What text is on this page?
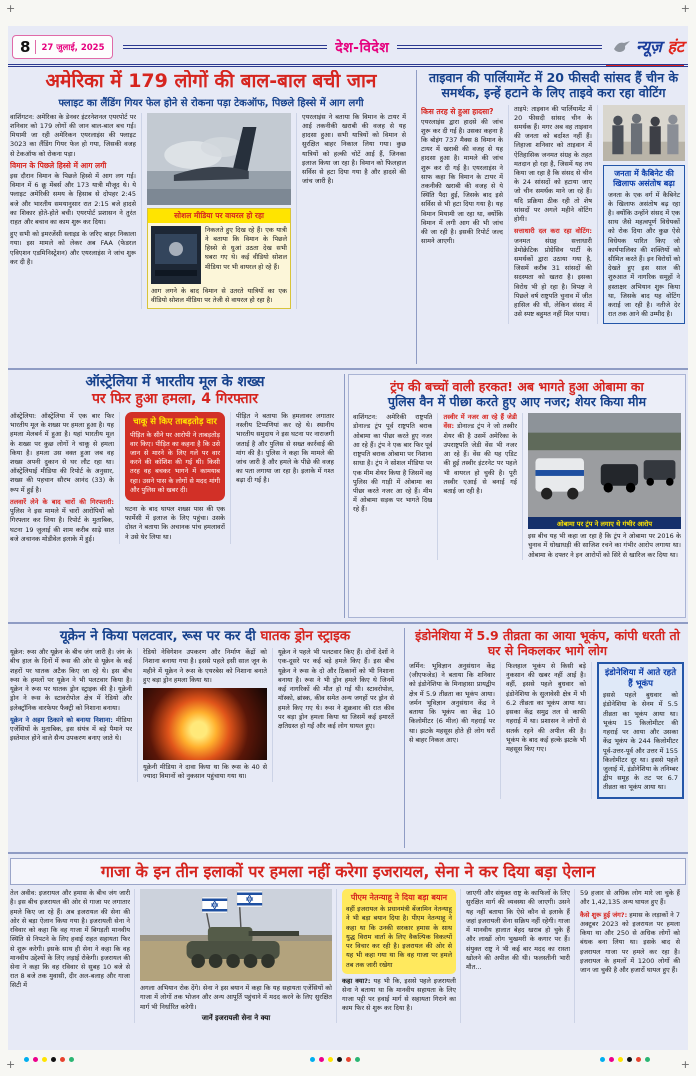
+	+
+	+
8 27 जुलाई, 2025	देश-विदेश	न्यूज़ हंट
अमेरिका में 179 लोगों की बाल-बाल बची जान
फ्लाइट का लैंडिंग गियर फेल होने से रोकना पड़ा टेकऑफ, पिछले हिस्से में आग लगी

वाशिंगटन: अमेरिका के डेनवर इंटरनेशनल एयरपोर्ट पर शनिवार को 179 लोगों की जान बाल-बाल बच गई। मियामी जा रही अमेरिकन एयरलाइंस की फ्लाइट 3023 का लैंडिंग गियर फेल हो गया, जिसकी वजह से टेकऑफ को रोकना पड़ा।

विमान के पिछले हिस्से में आग लगी

इस दौरान विमान के पिछले हिस्से में आग लग गई। विमान में 6 क्रू मेंबर्स और 173 यात्री मौजूद थे। ये फ्लाइट अमेरिकी समय के हिसाब से दोपहर 2:45 बजे और भारतीय समयानुसार रात 2:15 बजे हादसे का शिकार होते-होते बची। एयरपोर्ट प्रशासन ने तुरंत राहत और बचाव का काम शुरू कर दिया।

हुए सभी को इमरजेंसी स्लाइड के जरिए बाहर निकाला गया। इस मामले को लेकर अब FAA (फेडरल एविएशन एडमिनिस्ट्रेशन) और एयरलाइंस ने जांच शुरू कर दी है।

सोशल मीडिया पर वायरल हो रहा

निकलते हुए दिख रहे हैं। एक यात्री ने बताया कि विमान के पिछले हिस्से से धुआं उठता देख सभी घबरा गए थे। कई वीडियो सोशल मीडिया पर भी वायरल हो रहे हैं।

आग लगने के बाद विमान से उतरते यात्रियों का एक वीडियो सोशल मीडिया पर तेजी से वायरल हो रहा है।

एयरलाइंस ने बताया कि विमान के टायर में आई तकनीकी खराबी की वजह से यह हादसा हुआ। सभी यात्रियों को विमान से सुरक्षित बाहर निकाल लिया गया। कुछ यात्रियों को हल्की चोटें आई हैं, जिनका इलाज किया जा रहा है। विमान को फिलहाल सर्विस से हटा दिया गया है और हादसे की जांच जारी है।

ताइवान की पार्लियामेंट में 20 फीसदी सांसद हैं चीन के समर्थक, इन्हें हटाने के लिए ताइवे करा रहा वोटिंग
किस तरह से हुआ हादसा?

एयरलाइंस द्वारा हादसे की जांच शुरू कर दी गई है। उसका कहना है कि बोइंग 737 मैक्स 8 विमान के टायर में खराबी की वजह से यह हादसा हुआ है। मामले की जांच शुरू कर दी गई है। एयरलाइंस ने साफ कहा कि विमान के टायर में तकनीकी खराबी की वजह से ये स्थिति पैदा हुई, जिसके बाद इसे सर्विस से भी हटा दिया गया है। यह विमान मियामी जा रहा था, क्योंकि विमान में लगी आग की भी जांच की जा रही है। इसकी रिपोर्ट जल्द सामने आएगी।

ताइपे: ताइवान की पार्लियामेंट में 20 फीसदी सांसद चीन के समर्थक हैं। मगर अब वह ताइवान की जनता को बर्दाश्त नहीं हैं। लिहाजा शनिवार को ताइवान में ऐतिहासिक जनमत संग्रह के तहत मतदान हो रहा है, जिसमें यह तय किया जा रहा है कि संसद से चीन के 24 सांसदों को हटाया जाए जो चीन समर्थक माने जा रहे हैं। यदि प्रक्रिया ठीक रही तो शेष सांसदों पर अगले महीने वोटिंग होगी।

सत्ताधारी दल करा रहा वोटिंग: जनमत संग्रह सत्ताधारी डेमोक्रेटिक प्रोग्रेसिव पार्टी के समर्थकों द्वारा उठाया गया है, जिसमें करीब 31 सांसदों की सदस्यता को खतरा है। इसका विरोध भी हो रहा है। विपक्ष ने पिछले वर्ष राष्ट्रपति चुनाव में जीत हासिल की थी, लेकिन संसद में उसे स्पष्ट बहुमत नहीं मिल पाया।

जनता में कैबिनेट की खिलाफ असंतोष बढ़ा

जनता के एक वर्ग में कैबिनेट के खिलाफ असंतोष बढ़ रहा है। क्योंकि उन्होंने संसद में एक साथ जैसे महत्वपूर्ण विधेयकों को रोक दिया और कुछ ऐसे विधेयक पारित किए जो कार्यपालिका की शक्तियों को सीमित करते हैं। इन विरोधों को देखते हुए इस साल की शुरुआत में नागरिक समूहों ने हस्ताक्षर अभियान शुरू किया था, जिसके बाद यह वोटिंग कराई जा रही है। नतीजे देर रात तक आने की उम्मीद है।

ऑस्ट्रेलिया में भारतीय मूल के शख्स
पर फिर हुआ हमला, 4 गिरफ्तार

ऑस्ट्रेलिया: ऑस्ट्रेलिया में एक बार फिर भारतीय मूल के शख्स पर हमला हुआ है। यह हमला मेलबर्न में हुआ है। यहां भारतीय मूल के शख्स पर कुछ लोगों ने चाकू से हमला किया है। हमला उस वक्त हुआ जब वह शख्स अपनी दुकान से घर लौट रहा था। ऑस्ट्रेलियाई मीडिया की रिपोर्ट के अनुसार, शख्स की पहचान सौरभ आनंद (33) के रूप में हुई है।

तलवारें लेने के बाद चारों की गिरफ्तारी: पुलिस ने इस मामले में चारों आरोपियों को गिरफ्तार कर लिया है। रिपोर्ट के मुताबिक, घटना 19 जुलाई की शाम करीब साढ़े सात बजे अचानक मोडीवेल इलाके में हुई।

चाकू से किए ताबड़तोड़ वार

पीड़ित के सीने पर आरोपी ने ताबड़तोड़ वार किए। पीड़ित का कहना है कि उसे जान से मारने के लिए गले पर वार करने की कोशिश की गई थी। किसी तरह वह बचकर भागने में कामयाब रहा। उसने पास के लोगों से मदद मांगी और पुलिस को खबर दी।

घटना के बाद घायल शख्स पास की एक फार्मेसी में इलाज के लिए पहुंचा। उसके दोस्त ने बताया कि अचानक पांच हमलावरों ने उसे घेर लिया था।

पीड़ित ने बताया कि हमलावर लगातार नस्लीय टिप्पणियां कर रहे थे। स्थानीय भारतीय समुदाय ने इस घटना पर नाराजगी जताई है और पुलिस से सख्त कार्रवाई की मांग की है। पुलिस ने कहा कि मामले की जांच जारी है और हमले के पीछे की वजह का पता लगाया जा रहा है। इलाके में गश्त बढ़ा दी गई है।

ट्रंप की बच्चों वाली हरकत! अब भागते हुआ ओबामा का
पुलिस वैन में पीछा करते हुए आए नजर; शेयर किया मीम

वाशिंगटन: अमेरिकी राष्ट्रपति डोनाल्ड ट्रंप पूर्व राष्ट्रपति बराक ओबामा का पीछा करते हुए नजर आ रहे हैं। ट्रंप ने एक बार फिर पूर्व राष्ट्रपति बराक ओबामा पर निशाना साधा है। ट्रंप ने सोशल मीडिया पर एक मीम शेयर किया है जिसमें वह पुलिस की गाड़ी में ओबामा का पीछा करते नजर आ रहे हैं। मीम में ओबामा सड़क पर भागते दिख रहे हैं।

तस्वीर में नजर आ रहे हैं जेडी वेंस: डोनाल्ड ट्रंप ने जो तस्वीर शेयर की है उसमें अमेरिका के उपराष्ट्रपति जेडी वेंस भी नजर आ रहे हैं। वेंस की यह एडिट की हुई तस्वीर इंटरनेट पर पहले भी वायरल हो चुकी है। पूरी तस्वीर एआई से बनाई गई बताई जा रही है।

ओबामा पर ट्रंप ने लगाए थे गंभीर आरोप

इस बीच यह भी कहा जा रहा है कि ट्रंप ने ओबामा पर 2016 के चुनाव में धोखाधड़ी की साजिश रचने का गंभीर आरोप लगाया था। ओबामा के दफ्तर ने इन आरोपों को सिरे से खारिज कर दिया था।

यूक्रेन ने किया पलटवार, रूस पर कर दी घातक ड्रोन स्ट्राइक

यूक्रेन: रूस और यूक्रेन के बीच जंग जारी है। जंग के बीच हाल के दिनों में रूस की ओर से यूक्रेन के कई शहरों पर घातक अटैक किए जा रहे थे। इस बीच रूस के हमलों पर यूक्रेन ने भी पलटवार किया है। यूक्रेन ने रूस पर घातक ड्रोन स्ट्राइक की है। यूक्रेनी ड्रोन ने रूस के स्टावरोपोल क्षेत्र में रेडियो और इलेक्ट्रॉनिक वारफेयर फैक्ट्री को निशाना बनाया।

यूक्रेन ने अहम ठिकाने को बनाया निशाना: मीडिया एजेंसियों के मुताबिक, इस संयंत्र में बड़े पैमाने पर इस्तेमाल होने वाले सैन्य उपकरण बनाए जाते थे।

रेडियो नेविगेशन उपकरण और निर्माण केंद्रों को निशाना बनाया गया है। इससे पहले इसी साल जून के महीने में यूक्रेन ने रूस के एयरबेस को निशाना बनाते हुए बड़ा ड्रोन हमला किया था।

यूक्रेनी मीडिया ने दावा किया था कि रूस के 40 से ज्यादा विमानों को नुकसान पहुंचाया गया था।

यूक्रेन ने पहले भी पलटवार किए हैं। दोनों देशों ने एक-दूसरे पर कई बड़े हमले किए हैं। इस बीच यूक्रेन ने रूस के दो और ठिकानों को भी निशाना बनाया है। रूस ने भी ड्रोन हमले किए थे जिनमें कई नागरिकों की मौत हो गई थी। स्टावरोपोल, मॉस्को, ब्रांस्क, कीव समेत अन्य जगहों पर ड्रोन से हमले किए गए थे। रूस ने शुक्रवार की रात कीव पर बड़ा ड्रोन हमला किया था जिसमें कई इमारतें क्षतिग्रस्त हो गईं और कई लोग घायल हुए।

इंडोनेशिया में 5.9 तीव्रता का आया भूकंप, कांपी धरती तो घर से निकलकर भागे लोग

जर्मिन: भूविज्ञान अनुसंधान केंद्र (जीएफजेड) ने बताया कि शनिवार को इंडोनेशिया के मिनाहासा प्रायद्वीप क्षेत्र में 5.9 तीव्रता का भूकंप आया। जर्मन भूविज्ञान अनुसंधान केंद्र ने बताया कि भूकंप का केंद्र 10 किलोमीटर (6 मील) की गहराई पर था। झटके महसूस होते ही लोग घरों से बाहर निकल आए।

फिलहाल भूकंप से किसी बड़े नुकसान की खबर नहीं आई है। वहीं, इससे पहले बुधवार को इंडोनेशिया के सुलावेसी क्षेत्र में भी 6.2 तीव्रता का भूकंप आया था। इसका केंद्र समुद्र तल से काफी गहराई में था। प्रशासन ने लोगों से सतर्क रहने की अपील की है। भूकंप के बाद कई हल्के झटके भी महसूस किए गए।

इंडोनेशिया में आते रहते हैं भूकंप

इससे पहले बुधवार को इंडोनेशिया के सेनम में 5.5 तीव्रता का भूकंप आया था। भूकंप 15 किलोमीटर की गहराई पर आया और उसका केंद्र भूकंप के 244 किलोमीटर पूर्व-उत्तर-पूर्व और उत्तर में 155 किलोमीटर दूर था। इससे पहले जुलाई में, इंडोनेशिया के तनिम्बर द्वीप समूह के तट पर 6.7 तीव्रता का भूकंप आया था।

गाजा के इन तीन इलाकों पर हमला नहीं करेगा इजरायल, सेना ने कर दिया बड़ा ऐलान

तेल अवीव: इजरायल और हमास के बीच जंग जारी है। इस बीच इजरायल की ओर से गाजा पर लगातार हमले किए जा रहे हैं। अब इजरायल की सेना की ओर से बड़ा ऐलान किया गया है। इजरायली सेना ने रविवार को कहा कि वह गाजा में बिगड़ती मानवीय स्थिति से निपटने के लिए हवाई राहत सहायता फिर से शुरू करेगी। इसके साथ ही सेना ने कहा कि वह मानवीय उद्देश्यों के लिए लड़ाई रोकेगी। इजरायल की सेना ने कहा कि वह रविवार से सुबह 10 बजे से रात 8 बजे तक मुवासी, दीर अल-बलाह और गाजा सिटी में	अगला अभियान रोक देंगे। सेना ने इस बयान में कहा कि यह सहायता एजेंसियों को गाजा में लोगों तक भोजन और अन्य आपूर्ति पहुंचाने में मदद करने के लिए सुरक्षित मार्ग भी निर्धारित करेगी।

जानें इजरायली सेना ने क्या
पीएम नेतन्याहू ने दिया बड़ा बयान

वहीं इजरायल के प्रधानमंत्री बेंजामिन नेतन्याहू ने भी बड़ा बयान दिया है। पीएम नेतन्याहू ने कहा था कि उनकी सरकार हमास के साथ युद्ध विराम वार्ता के लिए वैकल्पिक विकल्पों पर विचार कर रही है। इजरायल की ओर से यह भी कहा गया था कि वह गाजा पर हमले तब तक जारी रखेगा

कहा क्या?: यह भी कि, इससे पहले इजरायली सेना ने बताया था कि मानवीय सहायता के लिए गाजा पट्टी पर हवाई मार्ग से सहायता गिराने का काम फिर से शुरू कर दिया है।

जाएगी और संयुक्त राष्ट्र के काफिलों के लिए सुरक्षित मार्ग की व्यवस्था की जाएगी। उसने यह नहीं बताया कि ऐसे कौन से इलाके हैं जहां इजरायली सेना सक्रिय नहीं रहेगी। गाजा में मानवीय हालात बेहद खराब हो चुके हैं और लाखों लोग भुखमरी के कगार पर हैं। संयुक्त राष्ट्र ने भी कई बार मदद का रास्ता खोलने की अपील की थी। फलस्तीनी भारी मौत...

59 हजार से अधिक लोग मारे जा चुके हैं और 1,42,135 अन्य घायल हुए हैं।

कैसे शुरू हुई जंग?: हमास के लड़ाकों ने 7 अक्टूबर 2023 को इजरायल पर हमला किया था और 250 से अधिक लोगों को बंधक बना लिया था। इसके बाद से इजरायल गाजा पर हमले कर रहा है। इजरायल के हमलों में 1200 लोगों की जान जा चुकी है और हजारों घायल हुए हैं।
